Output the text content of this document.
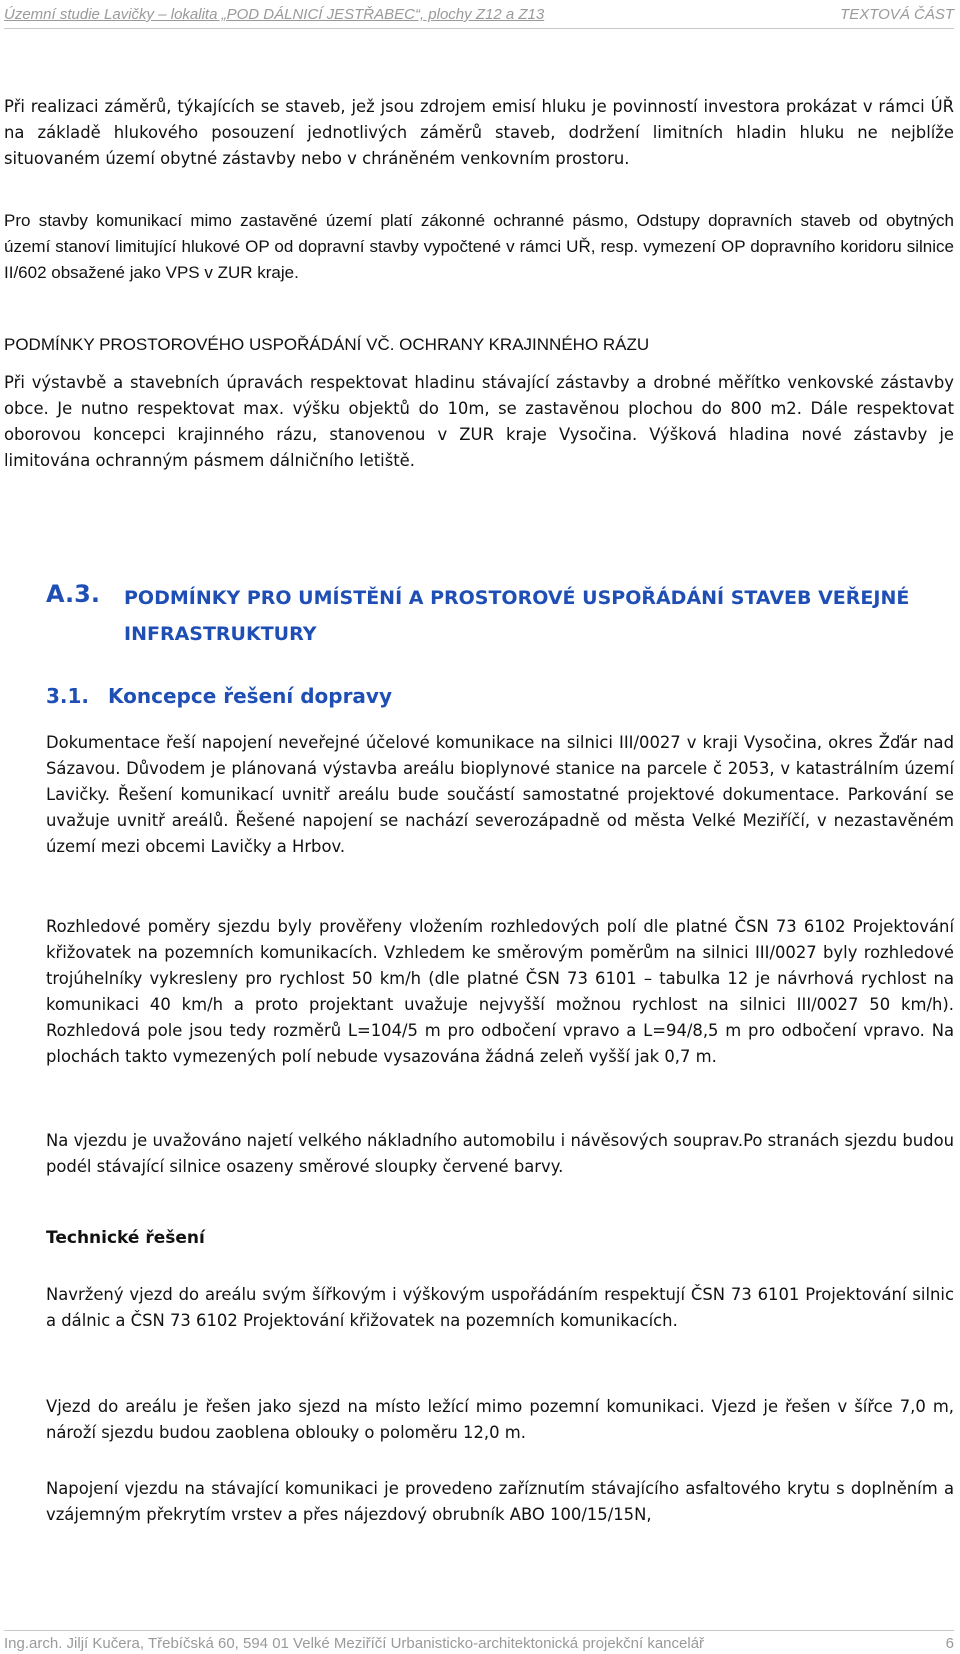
Územní studie Lavičky – lokalita „POD DÁLNICÍ JESTŘABEC“, plochy Z12 a Z13	TEXTOVÁ ČÁST

Při realizaci záměrů, týkajících se staveb, jež jsou zdrojem emisí hluku je povinností investora prokázat v rámci ÚŘ na základě hlukového posouzení jednotlivých záměrů staveb, dodržení limitních hladin hluku ne nejblíže situovaném území obytné zástavby nebo v chráněném venkovním prostoru.

Pro stavby komunikací mimo zastavěné území platí zákonné ochranné pásmo, Odstupy dopravních staveb od obytných území stanoví limitující hlukové OP od dopravní stavby vypočtené v rámci UŘ, resp. vymezení OP dopravního koridoru silnice II/602 obsažené jako VPS v ZUR kraje.

PODMÍNKY PROSTOROVÉHO USPOŘÁDÁNÍ VČ. OCHRANY KRAJINNÉHO RÁZU

Při výstavbě a stavebních úpravách respektovat hladinu stávající zástavby a drobné měřítko venkovské zástavby obce. Je nutno respektovat max. výšku objektů do 10m, se zastavěnou plochou do 800 m2. Dále respektovat oborovou koncepci krajinného rázu, stanovenou v ZUR kraje Vysočina. Výšková hladina nové zástavby je limitována ochranným pásmem dálničního letiště.

A.3. PODMÍNKY PRO UMÍSTĚNÍ A PROSTOROVÉ USPOŘÁDÁNÍ STAVEB VEŘEJNÉ INFRASTRUKTURY
3.1. Koncepce řešení dopravy

Dokumentace řeší napojení neveřejné účelové komunikace na silnici III/0027 v kraji Vysočina, okres Žďár nad Sázavou. Důvodem je plánovaná výstavba areálu bioplynové stanice na parcele č 2053, v katastrálním území Lavičky. Řešení komunikací uvnitř areálu bude součástí samostatné projektové dokumentace. Parkování se uvažuje uvnitř areálů. Řešené napojení se nachází severozápadně od města Velké Meziříčí, v nezastavěném území mezi obcemi Lavičky a Hrbov.

Rozhledové poměry sjezdu byly prověřeny vložením rozhledových polí dle platné ČSN 73 6102 Projektování křižovatek na pozemních komunikacích. Vzhledem ke směrovým poměrům na silnici III/0027 byly rozhledové trojúhelníky vykresleny pro rychlost 50 km/h (dle platné ČSN 73 6101 – tabulka 12 je návrhová rychlost na komunikaci 40 km/h a proto projektant uvažuje nejvyšší možnou rychlost na silnici III/0027 50 km/h). Rozhledová pole jsou tedy rozměrů L=104/5 m pro odbočení vpravo a L=94/8,5 m pro odbočení vpravo. Na plochách takto vymezených polí nebude vysazována žádná zeleň vyšší jak 0,7 m.

Na vjezdu je uvažováno najetí velkého nákladního automobilu i návěsových souprav.Po stranách sjezdu budou podél stávající silnice osazeny směrové sloupky červené barvy.

Technické řešení

Navržený vjezd do areálu svým šířkovým i výškovým uspořádáním respektují ČSN 73 6101 Projektování silnic a dálnic a ČSN 73 6102 Projektování křižovatek na pozemních komunikacích.

Vjezd do areálu je řešen jako sjezd na místo ležící mimo pozemní komunikaci. Vjezd je řešen v šířce 7,0 m, nároží sjezdu budou zaoblena oblouky o poloměru 12,0 m.

Napojení vjezdu na stávající komunikaci je provedeno zaříznutím stávajícího asfaltového krytu s doplněním a vzájemným překrytím vrstev a přes nájezdový obrubník ABO 100/15/15N,

Ing.arch. Jiljí Kučera, Třebíčská 60, 594 01 Velké Meziříčí Urbanisticko-architektonická projekční kancelář	6
